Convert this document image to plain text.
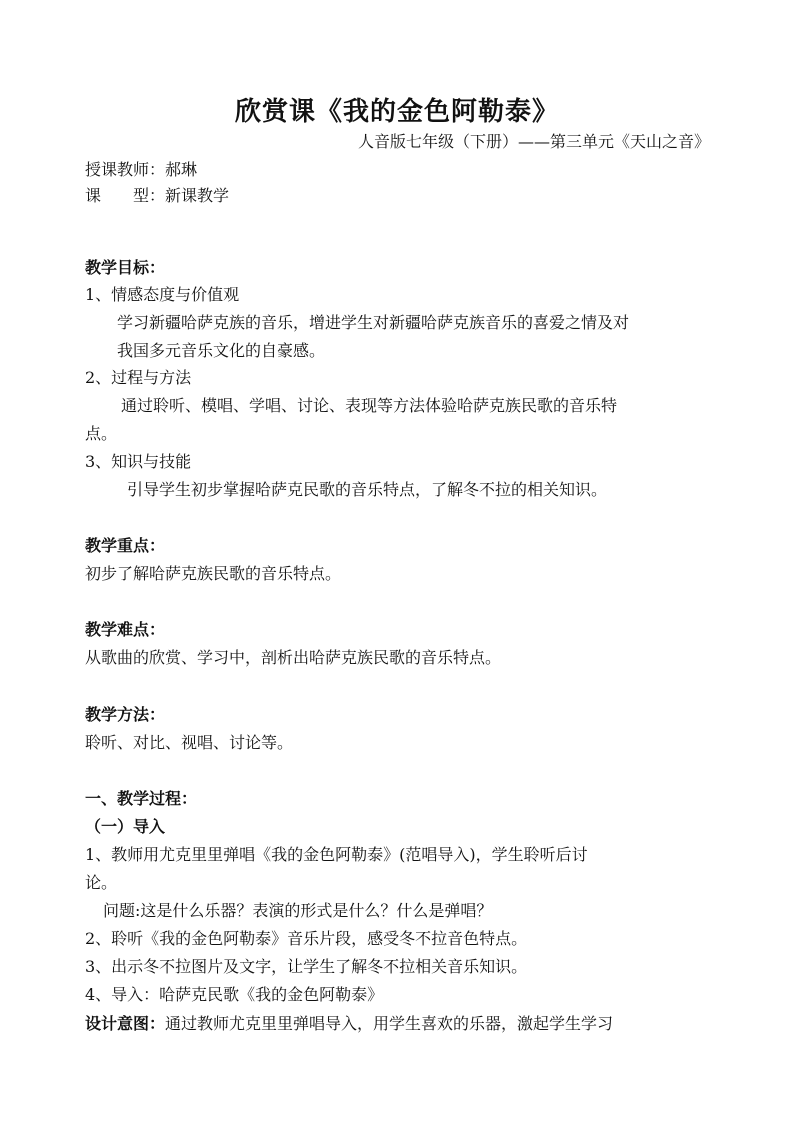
欣赏课《我的金色阿勒泰》
人音版七年级（下册）——第三单元《天山之音》
授课教师：郝琳
课　　型：新课教学
教学目标：
1、情感态度与价值观
学习新疆哈萨克族的音乐，增进学生对新疆哈萨克族音乐的喜爱之情及对
我国多元音乐文化的自豪感。
2、过程与方法
通过聆听、模唱、学唱、讨论、表现等方法体验哈萨克族民歌的音乐特
点。
3、知识与技能
引导学生初步掌握哈萨克民歌的音乐特点，了解冬不拉的相关知识。
教学重点：
初步了解哈萨克族民歌的音乐特点。
教学难点：
从歌曲的欣赏、学习中，剖析出哈萨克族民歌的音乐特点。
教学方法：
聆听、对比、视唱、讨论等。
一、教学过程：
（一）导入
1、教师用尤克里里弹唱《我的金色阿勒泰》(范唱导入)，学生聆听后讨
论。
问题:这是什么乐器？表演的形式是什么？什么是弹唱？
2、聆听《我的金色阿勒泰》音乐片段，感受冬不拉音色特点。
3、出示冬不拉图片及文字，让学生了解冬不拉相关音乐知识。
4、导入：哈萨克民歌《我的金色阿勒泰》
设计意图：通过教师尤克里里弹唱导入，用学生喜欢的乐器，激起学生学习
